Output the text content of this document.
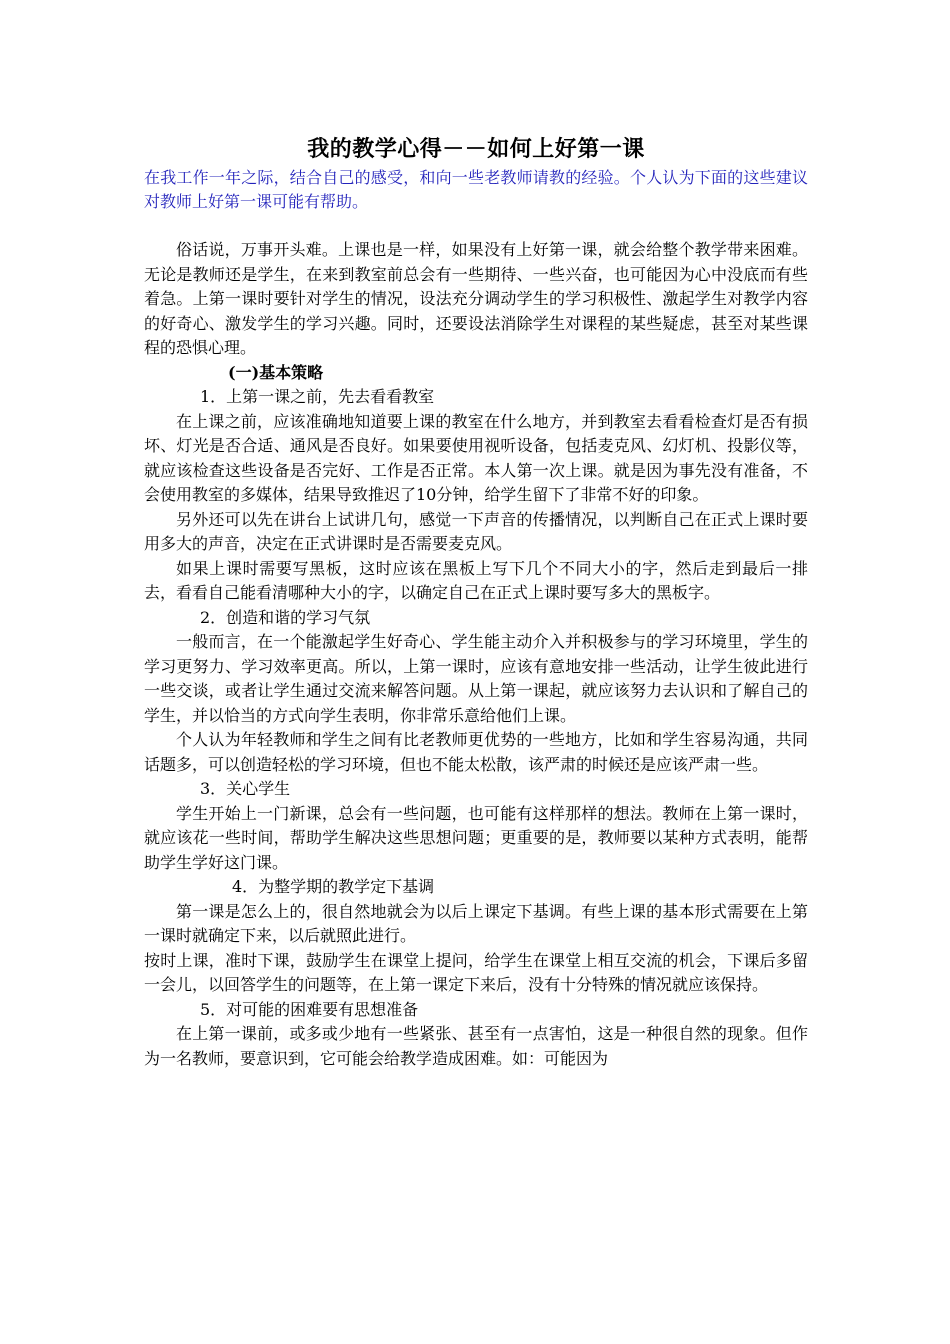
我的教学心得－－如何上好第一课

在我工作一年之际，结合自己的感受，和向一些老教师请教的经验。个人认为下面的这些建议对教师上好第一课可能有帮助。

俗话说，万事开头难。上课也是一样，如果没有上好第一课，就会给整个教学带来困难。无论是教师还是学生，在来到教室前总会有一些期待、一些兴奋，也可能因为心中没底而有些着急。上第一课时要针对学生的情况，设法充分调动学生的学习积极性、激起学生对教学内容的好奇心、激发学生的学习兴趣。同时，还要设法消除学生对课程的某些疑虑，甚至对某些课程的恐惧心理。

(一)基本策略

1．上第一课之前，先去看看教室

在上课之前，应该准确地知道要上课的教室在什么地方，并到教室去看看检查灯是否有损坏、灯光是否合适、通风是否良好。如果要使用视听设备，包括麦克风、幻灯机、投影仪等，就应该检查这些设备是否完好、工作是否正常。本人第一次上课。就是因为事先没有准备，不会使用教室的多媒体，结果导致推迟了10分钟，给学生留下了非常不好的印象。

另外还可以先在讲台上试讲几句，感觉一下声音的传播情况，以判断自己在正式上课时要用多大的声音，决定在正式讲课时是否需要麦克风。

如果上课时需要写黑板，这时应该在黑板上写下几个不同大小的字，然后走到最后一排去，看看自己能看清哪种大小的字，以确定自己在正式上课时要写多大的黑板字。

2．创造和谐的学习气氛

一般而言，在一个能激起学生好奇心、学生能主动介入并积极参与的学习环境里，学生的学习更努力、学习效率更高。所以，上第一课时，应该有意地安排一些活动，让学生彼此进行一些交谈，或者让学生通过交流来解答问题。从上第一课起，就应该努力去认识和了解自己的学生，并以恰当的方式向学生表明，你非常乐意给他们上课。

个人认为年轻教师和学生之间有比老教师更优势的一些地方，比如和学生容易沟通，共同话题多，可以创造轻松的学习环境，但也不能太松散，该严肃的时候还是应该严肃一些。

3．关心学生

学生开始上一门新课，总会有一些问题，也可能有这样那样的想法。教师在上第一课时，就应该花一些时间，帮助学生解决这些思想问题；更重要的是，教师要以某种方式表明，能帮助学生学好这门课。

4．为整学期的教学定下基调

第一课是怎么上的，很自然地就会为以后上课定下基调。有些上课的基本形式需要在上第一课时就确定下来，以后就照此进行。

按时上课，准时下课，鼓励学生在课堂上提问，给学生在课堂上相互交流的机会，下课后多留一会儿，以回答学生的问题等，在上第一课定下来后，没有十分特殊的情况就应该保持。

5．对可能的困难要有思想准备

在上第一课前，或多或少地有一些紧张、甚至有一点害怕，这是一种很自然的现象。但作为一名教师，要意识到，它可能会给教学造成困难。如：可能因为
